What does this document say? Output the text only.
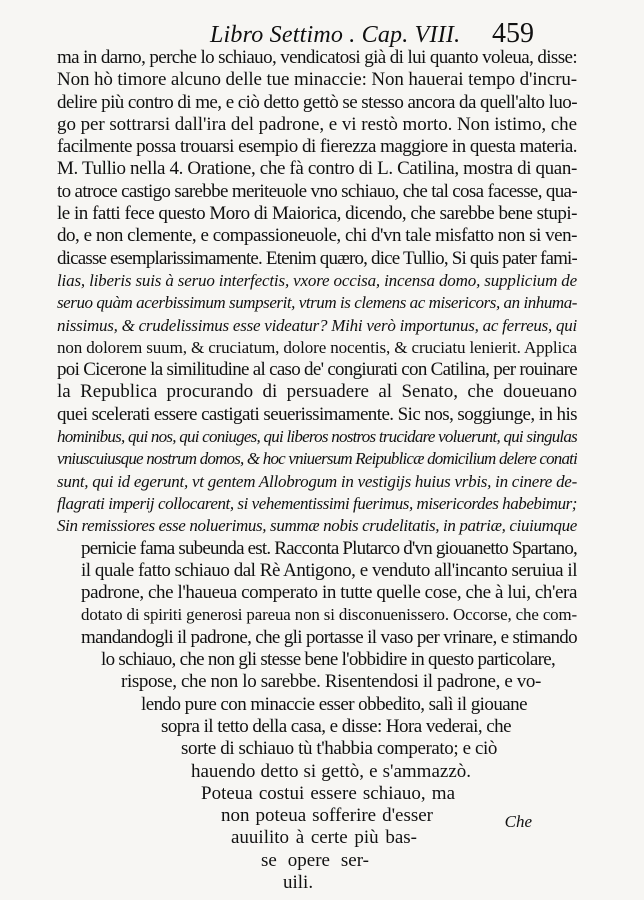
Libro Settimo . Cap. VIII. 459
ma in darno, perche lo schiauo, vendicatosi già di lui quanto voleua, disse:
Non hò timore alcuno delle tue minaccie: Non hauerai tempo d'incru-
delire più contro di me, e ciò detto gettò se stesso ancora da quell'alto luo-
go per sottrarsi dall'ira del padrone, e vi restò morto. Non istimo, che
facilmente possa trouarsi esempio di fierezza maggiore in questa materia.
M. Tullio nella 4. Oratione, che fà contro di L. Catilina, mostra di quan-
to atroce castigo sarebbe meriteuole vno schiauo, che tal cosa facesse, qua-
le in fatti fece questo Moro di Maiorica, dicendo, che sarebbe bene stupi-
do, e non clemente, e compassioneuole, chi d'vn tale misfatto non si ven-
dicasse esemplarissimamente. Etenim quæro, dice Tullio, Si quis pater fami-
lias, liberis suis à seruo interfectis, vxore occisa, incensa domo, supplicium de
seruo quàm acerbissimum sumpserit, vtrum is clemens ac misericors, an inhuma-
nissimus, & crudelissimus esse videatur? Mihi verò importunus, ac ferreus, qui
non dolorem suum, & cruciatum, dolore nocentis, & cruciatu lenierit. Applica
poi Cicerone la similitudine al caso de' congiurati con Catilina, per rouinare
la Republica procurando di persuadere al Senato, che doueuano
quei scelerati essere castigati seuerissimamente. Sic nos, soggiunge, in his
hominibus, qui nos, qui coniuges, qui liberos nostros trucidare voluerunt, qui singulas
vniuscuiusque nostrum domos, & hoc vniuersum Reipublicæ domicilium delere conati
sunt, qui id egerunt, vt gentem Allobrogum in vestigijs huius vrbis, in cinere de-
flagrati imperij collocarent, si vehementissimi fuerimus, misericordes habebimur;
Sin remissiores esse noluerimus, summæ nobis crudelitatis, in patriæ, ciuiumque
pernicie fama subeunda est. Racconta Plutarco d'vn giouanetto Spartano,
il quale fatto schiauo dal Rè Antigono, e venduto all'incanto seruiua il
padrone, che l'haueua comperato in tutte quelle cose, che à lui, ch'era
dotato di spiriti generosi pareua non si disconuenissero. Occorse, che com-
mandandogli il padrone, che gli portasse il vaso per vrinare, e stimando
lo schiauo, che non gli stesse bene l'obbidire in questo particolare,
rispose, che non lo sarebbe. Risentendosi il padrone, e vo-
lendo pure con minaccie esser obbedito, salì il giouane
sopra il tetto della casa, e disse: Hora vederai, che
sorte di schiauo tù t'habbia comperato; e ciò
hauendo detto si gettò, e s'ammazzò.
Poteua costui essere schiauo, ma
non poteua sofferire d'esser
auuilito à certe più bas-
se opere ser-
uili.
Che
